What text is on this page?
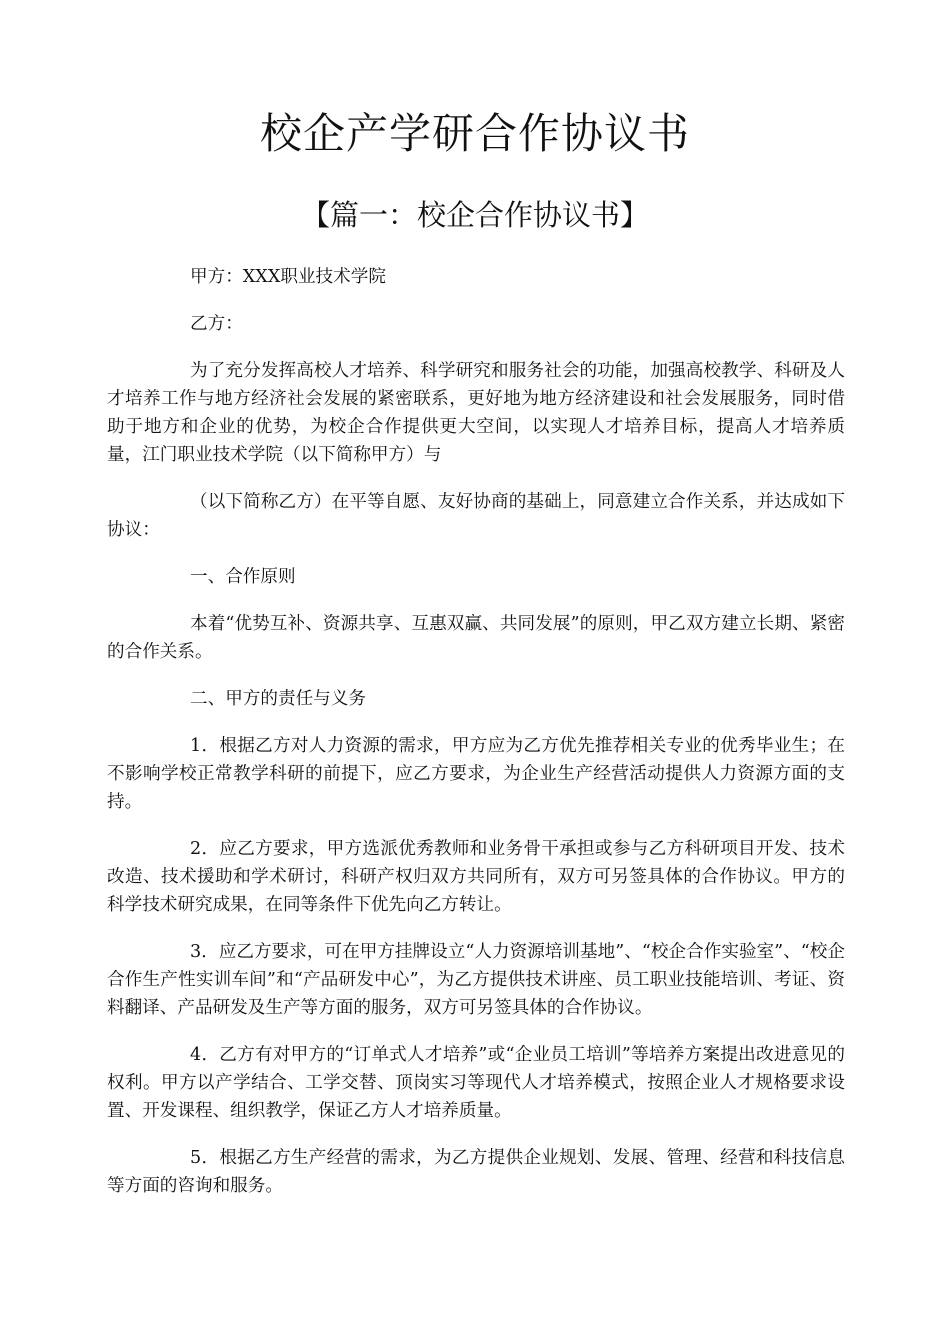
校企产学研合作协议书
【篇一：校企合作协议书】

甲方：XXX职业技术学院

乙方：

为了充分发挥高校人才培养、科学研究和服务社会的功能，加强高校教学、科研及人才培养工作与地方经济社会发展的紧密联系，更好地为地方经济建设和社会发展服务，同时借助于地方和企业的优势，为校企合作提供更大空间，以实现人才培养目标，提高人才培养质量，江门职业技术学院（以下简称甲方）与

（以下简称乙方）在平等自愿、友好协商的基础上，同意建立合作关系，并达成如下协议：

一、合作原则

本着“优势互补、资源共享、互惠双赢、共同发展”的原则，甲乙双方建立长期、紧密的合作关系。

二、甲方的责任与义务

1．根据乙方对人力资源的需求，甲方应为乙方优先推荐相关专业的优秀毕业生；在不影响学校正常教学科研的前提下，应乙方要求，为企业生产经营活动提供人力资源方面的支持。

2．应乙方要求，甲方选派优秀教师和业务骨干承担或参与乙方科研项目开发、技术改造、技术援助和学术研讨，科研产权归双方共同所有，双方可另签具体的合作协议。甲方的科学技术研究成果，在同等条件下优先向乙方转让。

3．应乙方要求，可在甲方挂牌设立“人力资源培训基地”、“校企合作实验室”、“校企合作生产性实训车间”和“产品研发中心”，为乙方提供技术讲座、员工职业技能培训、考证、资料翻译、产品研发及生产等方面的服务，双方可另签具体的合作协议。

4．乙方有对甲方的“订单式人才培养”或“企业员工培训”等培养方案提出改进意见的权利。甲方以产学结合、工学交替、顶岗实习等现代人才培养模式，按照企业人才规格要求设置、开发课程、组织教学，保证乙方人才培养质量。

5．根据乙方生产经营的需求，为乙方提供企业规划、发展、管理、经营和科技信息等方面的咨询和服务。
